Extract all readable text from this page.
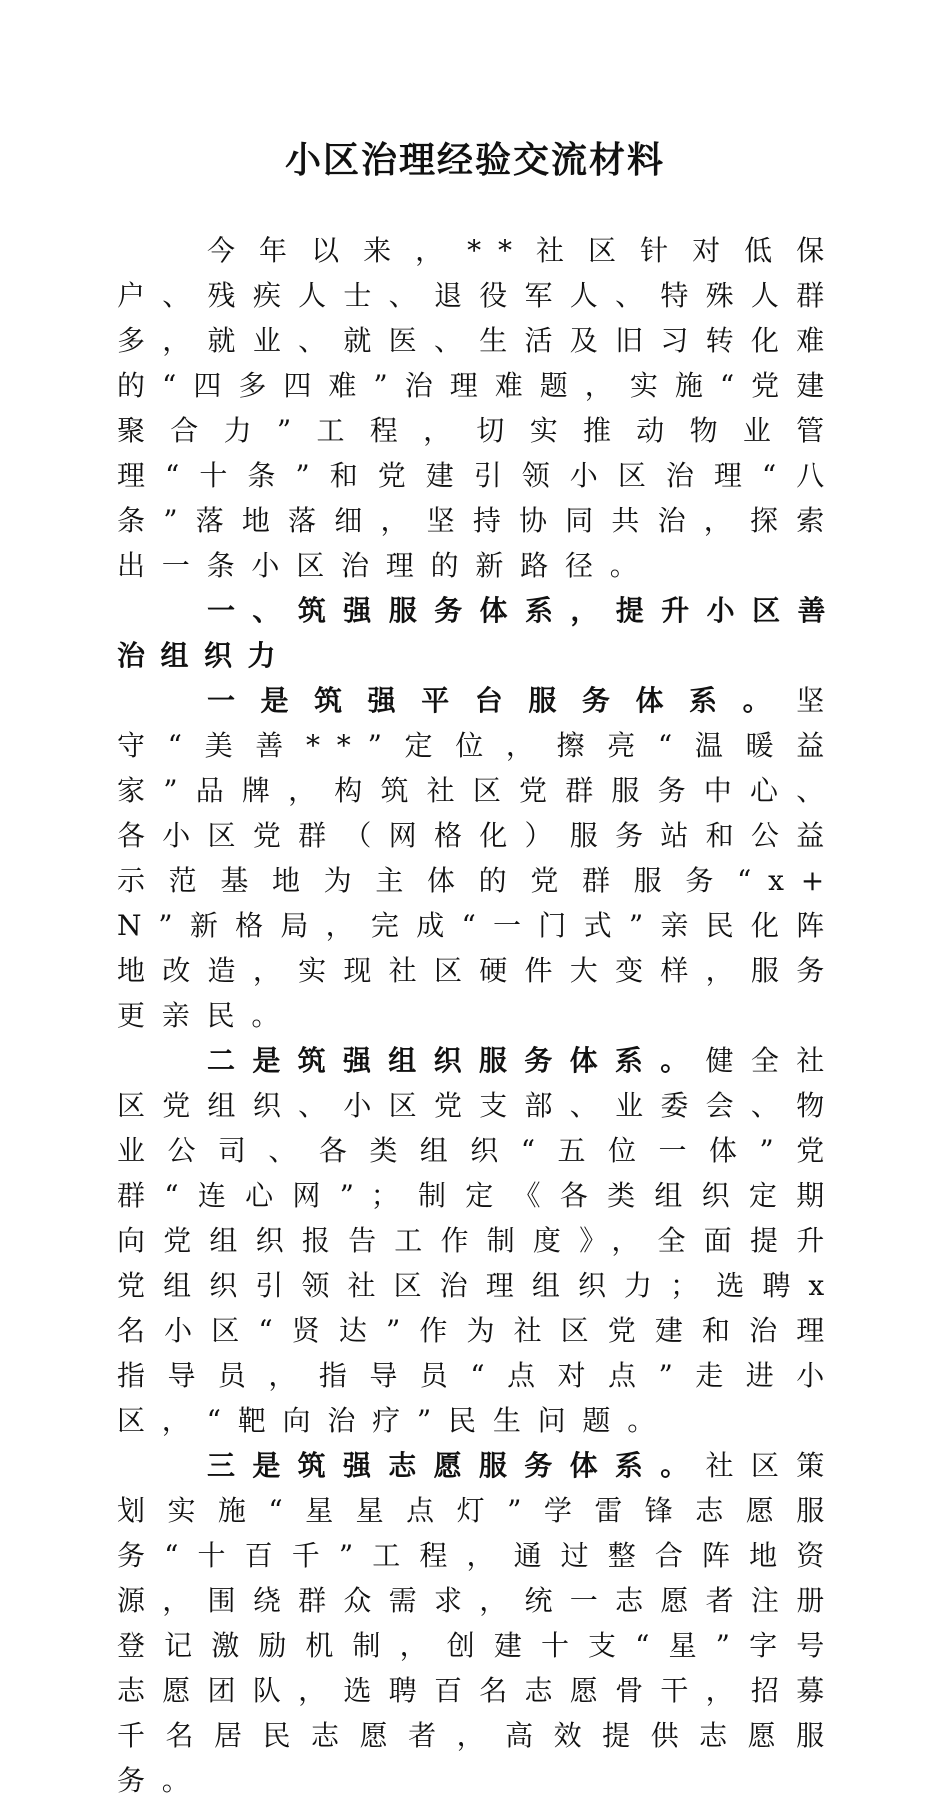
小区治理经验交流材料

今年以来，**社区针对低保户、残疾人士、退役军人、特殊人群多，就业、就医、生活及旧习转化难的“四多四难”治理难题，实施“党建聚合力”工程，切实推动物业管理“十条”和党建引领小区治理“八条”落地落细，坚持协同共治，探索出一条小区治理的新路径。

一、筑强服务体系，提升小区善治组织力

一是筑强平台服务体系。坚守“美善**”定位，擦亮“温暖益家”品牌，构筑社区党群服务中心、各小区党群（网格化）服务站和公益示范基地为主体的党群服务“x+N”新格局，完成“一门式”亲民化阵地改造，实现社区硬件大变样，服务更亲民。

二是筑强组织服务体系。健全社区党组织、小区党支部、业委会、物业公司、各类组织“五位一体”党群“连心网”；制定《各类组织定期向党组织报告工作制度》，全面提升党组织引领社区治理组织力；选聘x名小区“贤达”作为社区党建和治理指导员，指导员“点对点”走进小区，“靶向治疗”民生问题。

三是筑强志愿服务体系。社区策划实施“星星点灯”学雷锋志愿服务“十百千”工程，通过整合阵地资源，围绕群众需求，统一志愿者注册登记激励机制，创建十支“星”字号志愿团队，选聘百名志愿骨干，招募千名居民志愿者，高效提供志愿服务。
